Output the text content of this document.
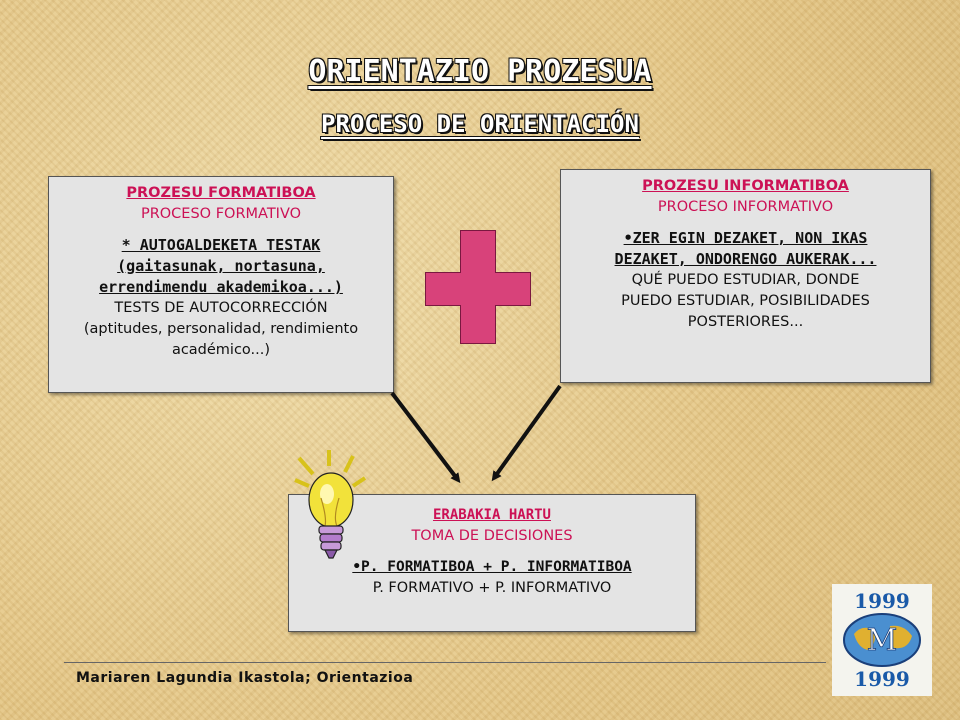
ORIENTAZIO PROZESUA
PROCESO DE ORIENTACIÓN
PROZESU FORMATIBOA
PROCESO FORMATIVO
* AUTOGALDEKETA TESTAK
(gaitasunak, nortasuna,
errendimendu akademikoa...)
TESTS DE AUTOCORRECCIÓN
(aptitudes, personalidad, rendimiento
académico...)
PROZESU INFORMATIBOA
PROCESO INFORMATIVO
•ZER EGIN DEZAKET, NON IKAS
DEZAKET, ONDORENGO AUKERAK...
QUÉ PUEDO ESTUDIAR, DONDE
PUEDO ESTUDIAR, POSIBILIDADES
POSTERIORES...
ERABAKIA HARTU
TOMA DE DECISIONES
•P. FORMATIBOA + P. INFORMATIBOA
P. FORMATIVO + P. INFORMATIVO
Mariaren Lagundia Ikastola; Orientazioa
1999
M
1999
